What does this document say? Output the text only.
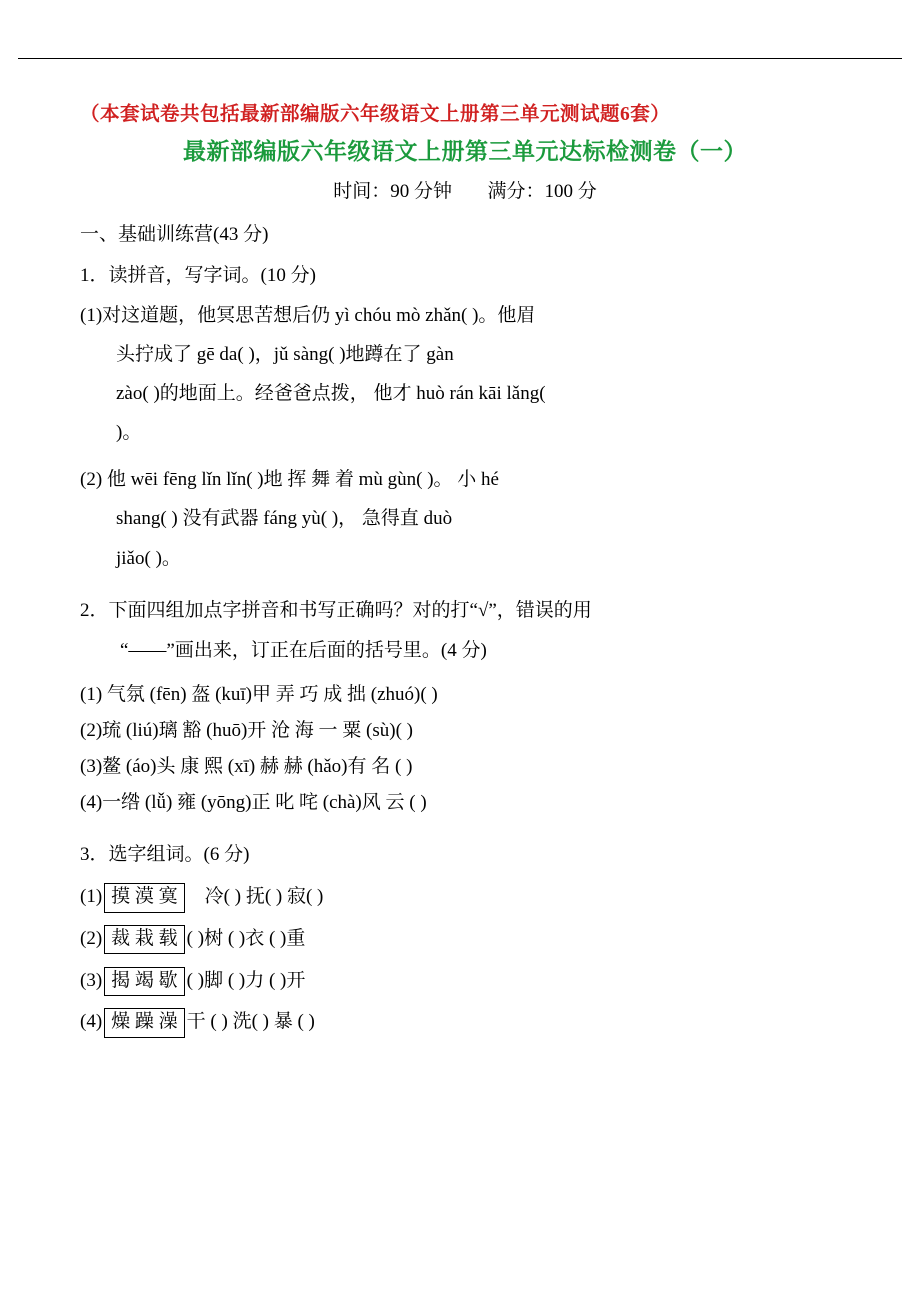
（本套试卷共包括最新部编版六年级语文上册第三单元测试题6套）
最新部编版六年级语文上册第三单元达标检测卷（一）
时间：90 分钟 满分：100 分
一、基础训练营(43 分)
1．读拼音，写字词。(10 分)
(1)对这道题，他冥思苦想后仍 yì chóu mò zhǎn( )。他眉
头拧成了 gē da( )，jǔ sàng( )地蹲在了 gàn
zào( )的地面上。经爸爸点拨， 他才 huò rán kāi lǎng(
)。
(2) 他 wēi fēng lǐn lǐn( )地 挥 舞 着 mù gùn( )。 小 hé
shang( ) 没有武器 fáng yù( )， 急得直 duò
jiǎo( )。
2．下面四组加点字拼音和书写正确吗？对的打“√”，错误的用
“——”画出来，订正在后面的括号里。(4 分)
(1) 气氛 (fēn) 盔 (kuī)甲 弄 巧 成 拙 (zhuó)( )
(2)琉 (liú)璃 豁 (huō)开 沧 海 一 粟 (sù)( )
(3)鳌 (áo)头 康 熙 (xī) 赫 赫 (hǎo)有 名 ( )
(4)一绺 (lǚ) 雍 (yōng)正 叱 咤 (chà)风 云 ( )
3．选字组词。(6 分)
(1) 摸 漠 寞 冷( ) 抚( ) 寂( )
(2) 裁 栽 载 ( )树 ( )衣 ( )重
(3) 揭 竭 歇 ( )脚 ( )力 ( )开
(4) 燥 躁 澡 干 ( ) 洗( ) 暴 ( )
